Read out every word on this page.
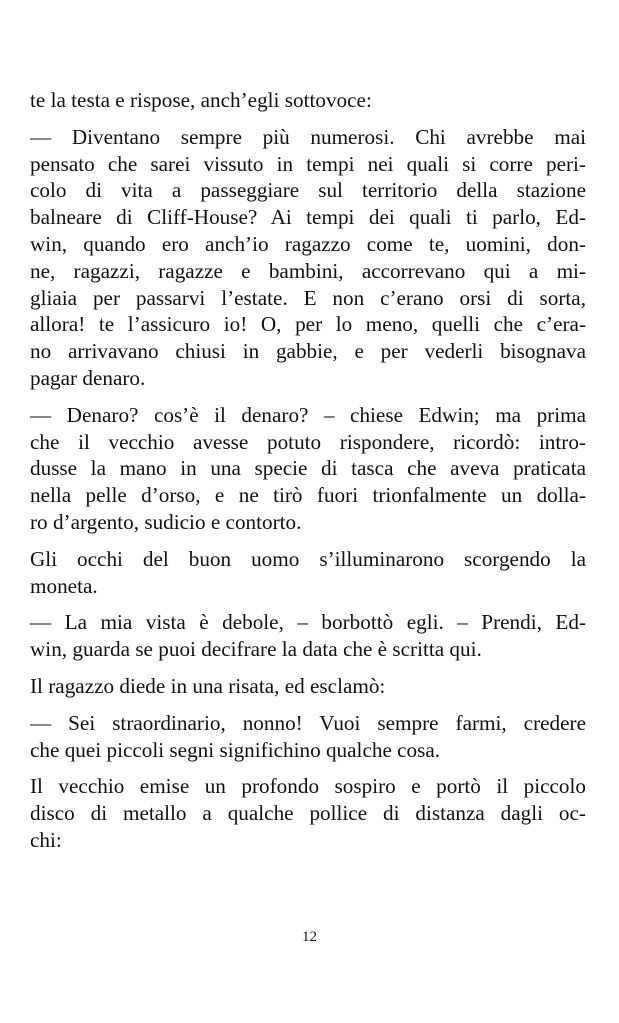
te la testa e rispose, anch’egli sottovoce:

— Diventano sempre più numerosi. Chi avrebbe mai
pensato che sarei vissuto in tempi nei quali si corre peri-
colo di vita a passeggiare sul territorio della stazione
balneare di Cliff-House? Ai tempi dei quali ti parlo, Ed-
win, quando ero anch’io ragazzo come te, uomini, don-
ne, ragazzi, ragazze e bambini, accorrevano qui a mi-
gliaia per passarvi l’estate. E non c’erano orsi di sorta,
allora! te l’assicuro io! O, per lo meno, quelli che c’era-
no arrivavano chiusi in gabbie, e per vederli bisognava
pagar denaro.

— Denaro? cos’è il denaro? – chiese Edwin; ma prima
che il vecchio avesse potuto rispondere, ricordò: intro-
dusse la mano in una specie di tasca che aveva praticata
nella pelle d’orso, e ne tirò fuori trionfalmente un dolla-
ro d’argento, sudicio e contorto.

Gli occhi del buon uomo s’illuminarono scorgendo la
moneta.

— La mia vista è debole, – borbottò egli. – Prendi, Ed-
win, guarda se puoi decifrare la data che è scritta qui.

Il ragazzo diede in una risata, ed esclamò:

— Sei straordinario, nonno! Vuoi sempre farmi, credere
che quei piccoli segni significhino qualche cosa.

Il vecchio emise un profondo sospiro e portò il piccolo
disco di metallo a qualche pollice di distanza dagli oc-
chi:

12
